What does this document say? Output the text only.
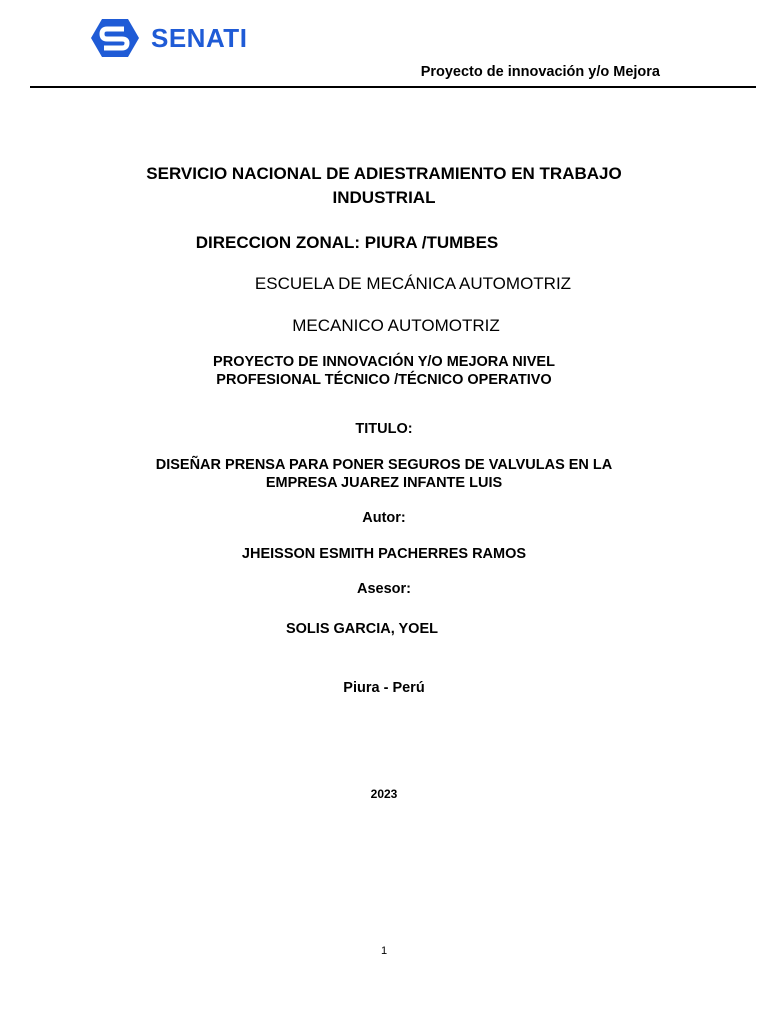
SENATI
Proyecto de innovación y/o Mejora
SERVICIO NACIONAL DE ADIESTRAMIENTO EN TRABAJO
INDUSTRIAL
DIRECCION ZONAL: PIURA /TUMBES
ESCUELA DE MECÁNICA AUTOMOTRIZ
MECANICO AUTOMOTRIZ
PROYECTO DE INNOVACIÓN Y/O MEJORA NIVEL
PROFESIONAL TÉCNICO /TÉCNICO OPERATIVO
TITULO:
DISEÑAR PRENSA PARA PONER SEGUROS DE VALVULAS EN LA
EMPRESA JUAREZ INFANTE LUIS
Autor:
JHEISSON ESMITH PACHERRES RAMOS
Asesor:
SOLIS GARCIA, YOEL
Piura - Perú
2023
1
